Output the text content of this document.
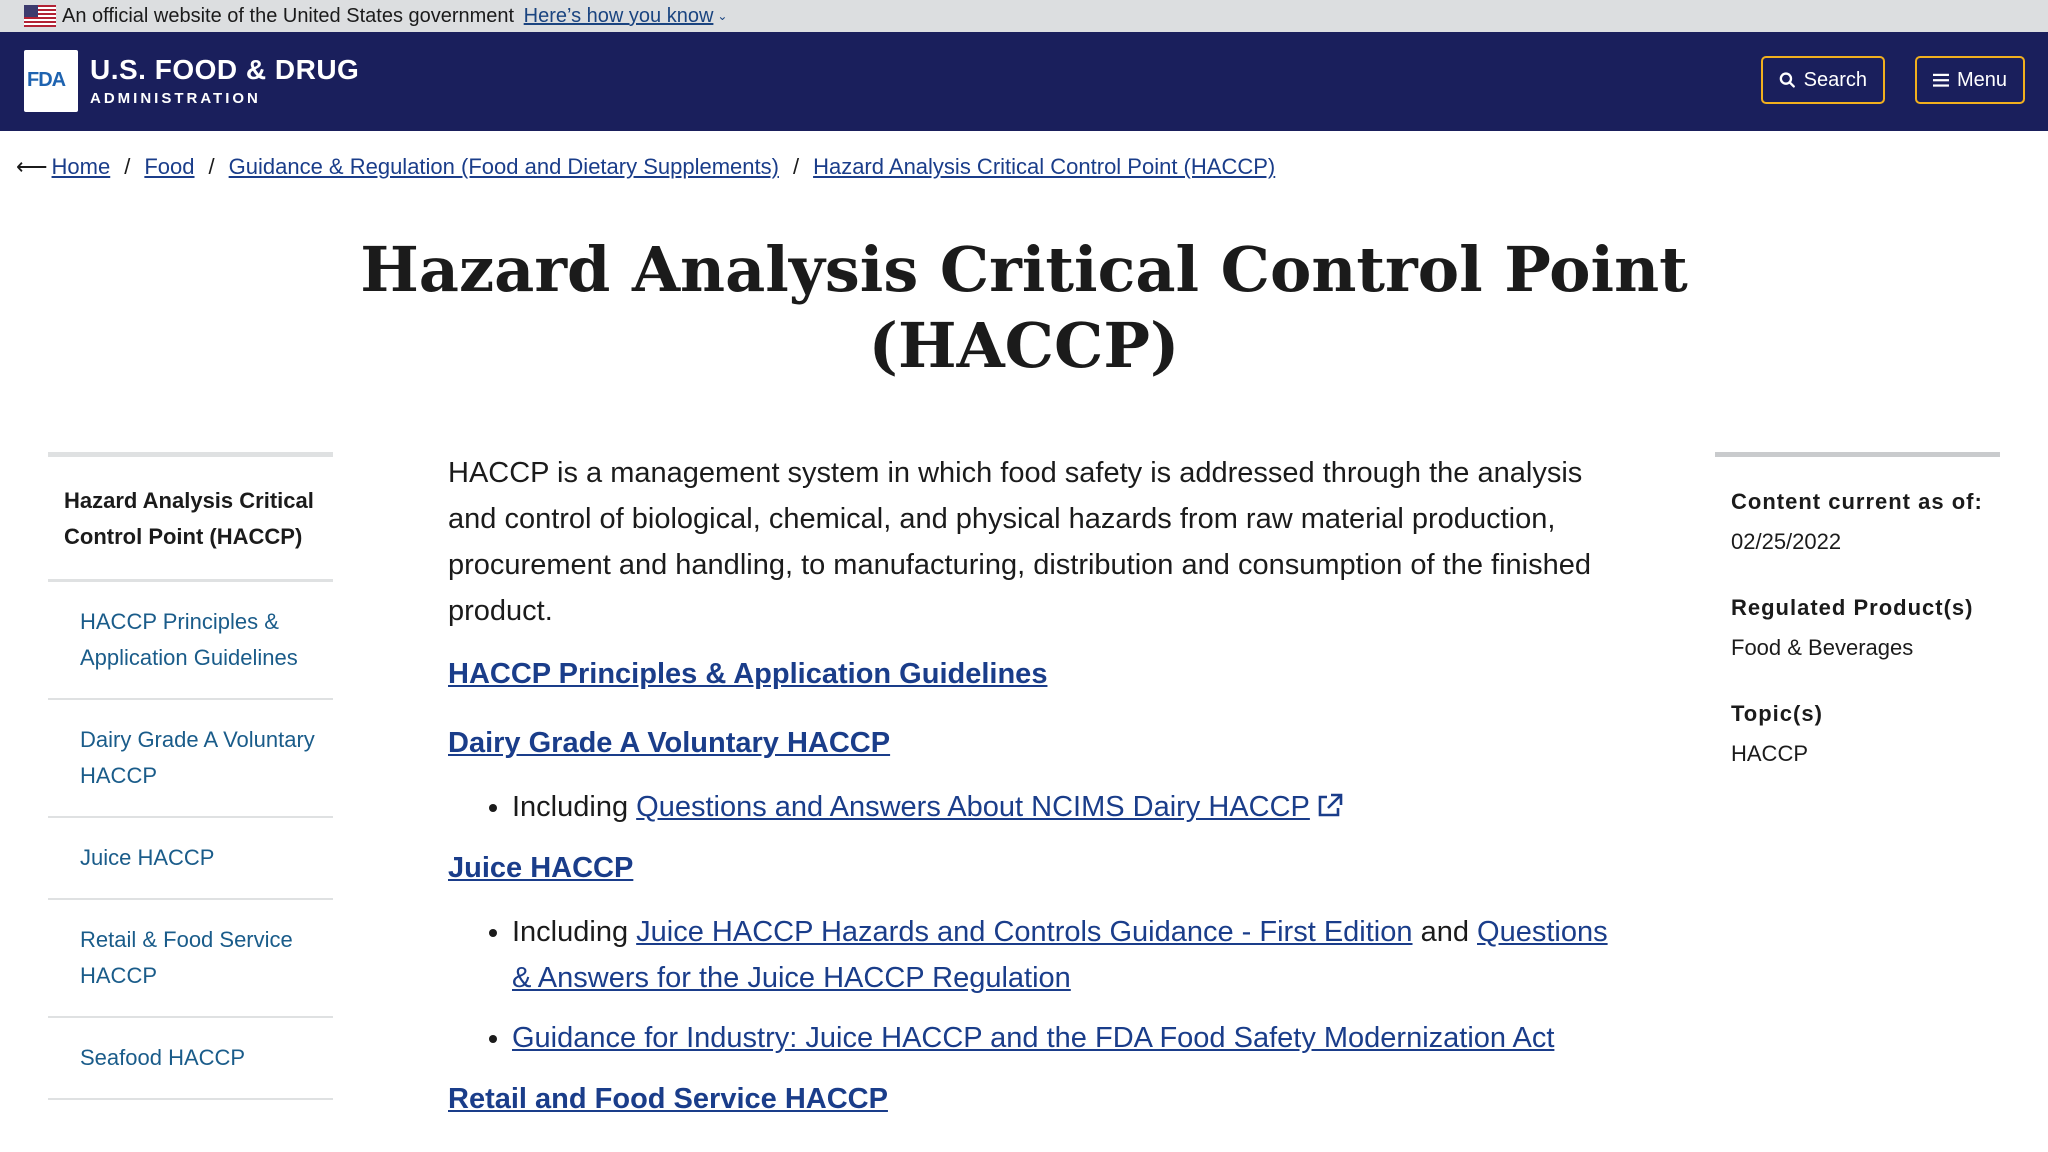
An official website of the United States government Here’s how you know ⌄
FDA U.S. FOOD & DRUG
ADMINISTRATION
Search	Menu
⟵ Home / Food / Guidance & Regulation (Food and Dietary Supplements) / Hazard Analysis Critical Control Point (HACCP)
Hazard Analysis Critical Control Point
(HACCP)
Hazard Analysis Critical Control Point (HACCP)
HACCP Principles & Application Guidelines
Dairy Grade A Voluntary HACCP
Juice HACCP
Retail & Food Service HACCP
Seafood HACCP

HACCP is a management system in which food safety is addressed through the analysis and control of biological, chemical, and physical hazards from raw material production, procurement and handling, to manufacturing, distribution and consumption of the finished product.

HACCP Principles & Application Guidelines
Dairy Grade A Voluntary HACCP
• Including Questions and Answers About NCIMS Dairy HACCP
Juice HACCP
• Including Juice HACCP Hazards and Controls Guidance - First Edition and Questions & Answers for the Juice HACCP Regulation
• Guidance for Industry: Juice HACCP and the FDA Food Safety Modernization Act
Retail and Food Service HACCP
Content current as of:
02/25/2022
Regulated Product(s)
Food & Beverages
Topic(s)
HACCP
